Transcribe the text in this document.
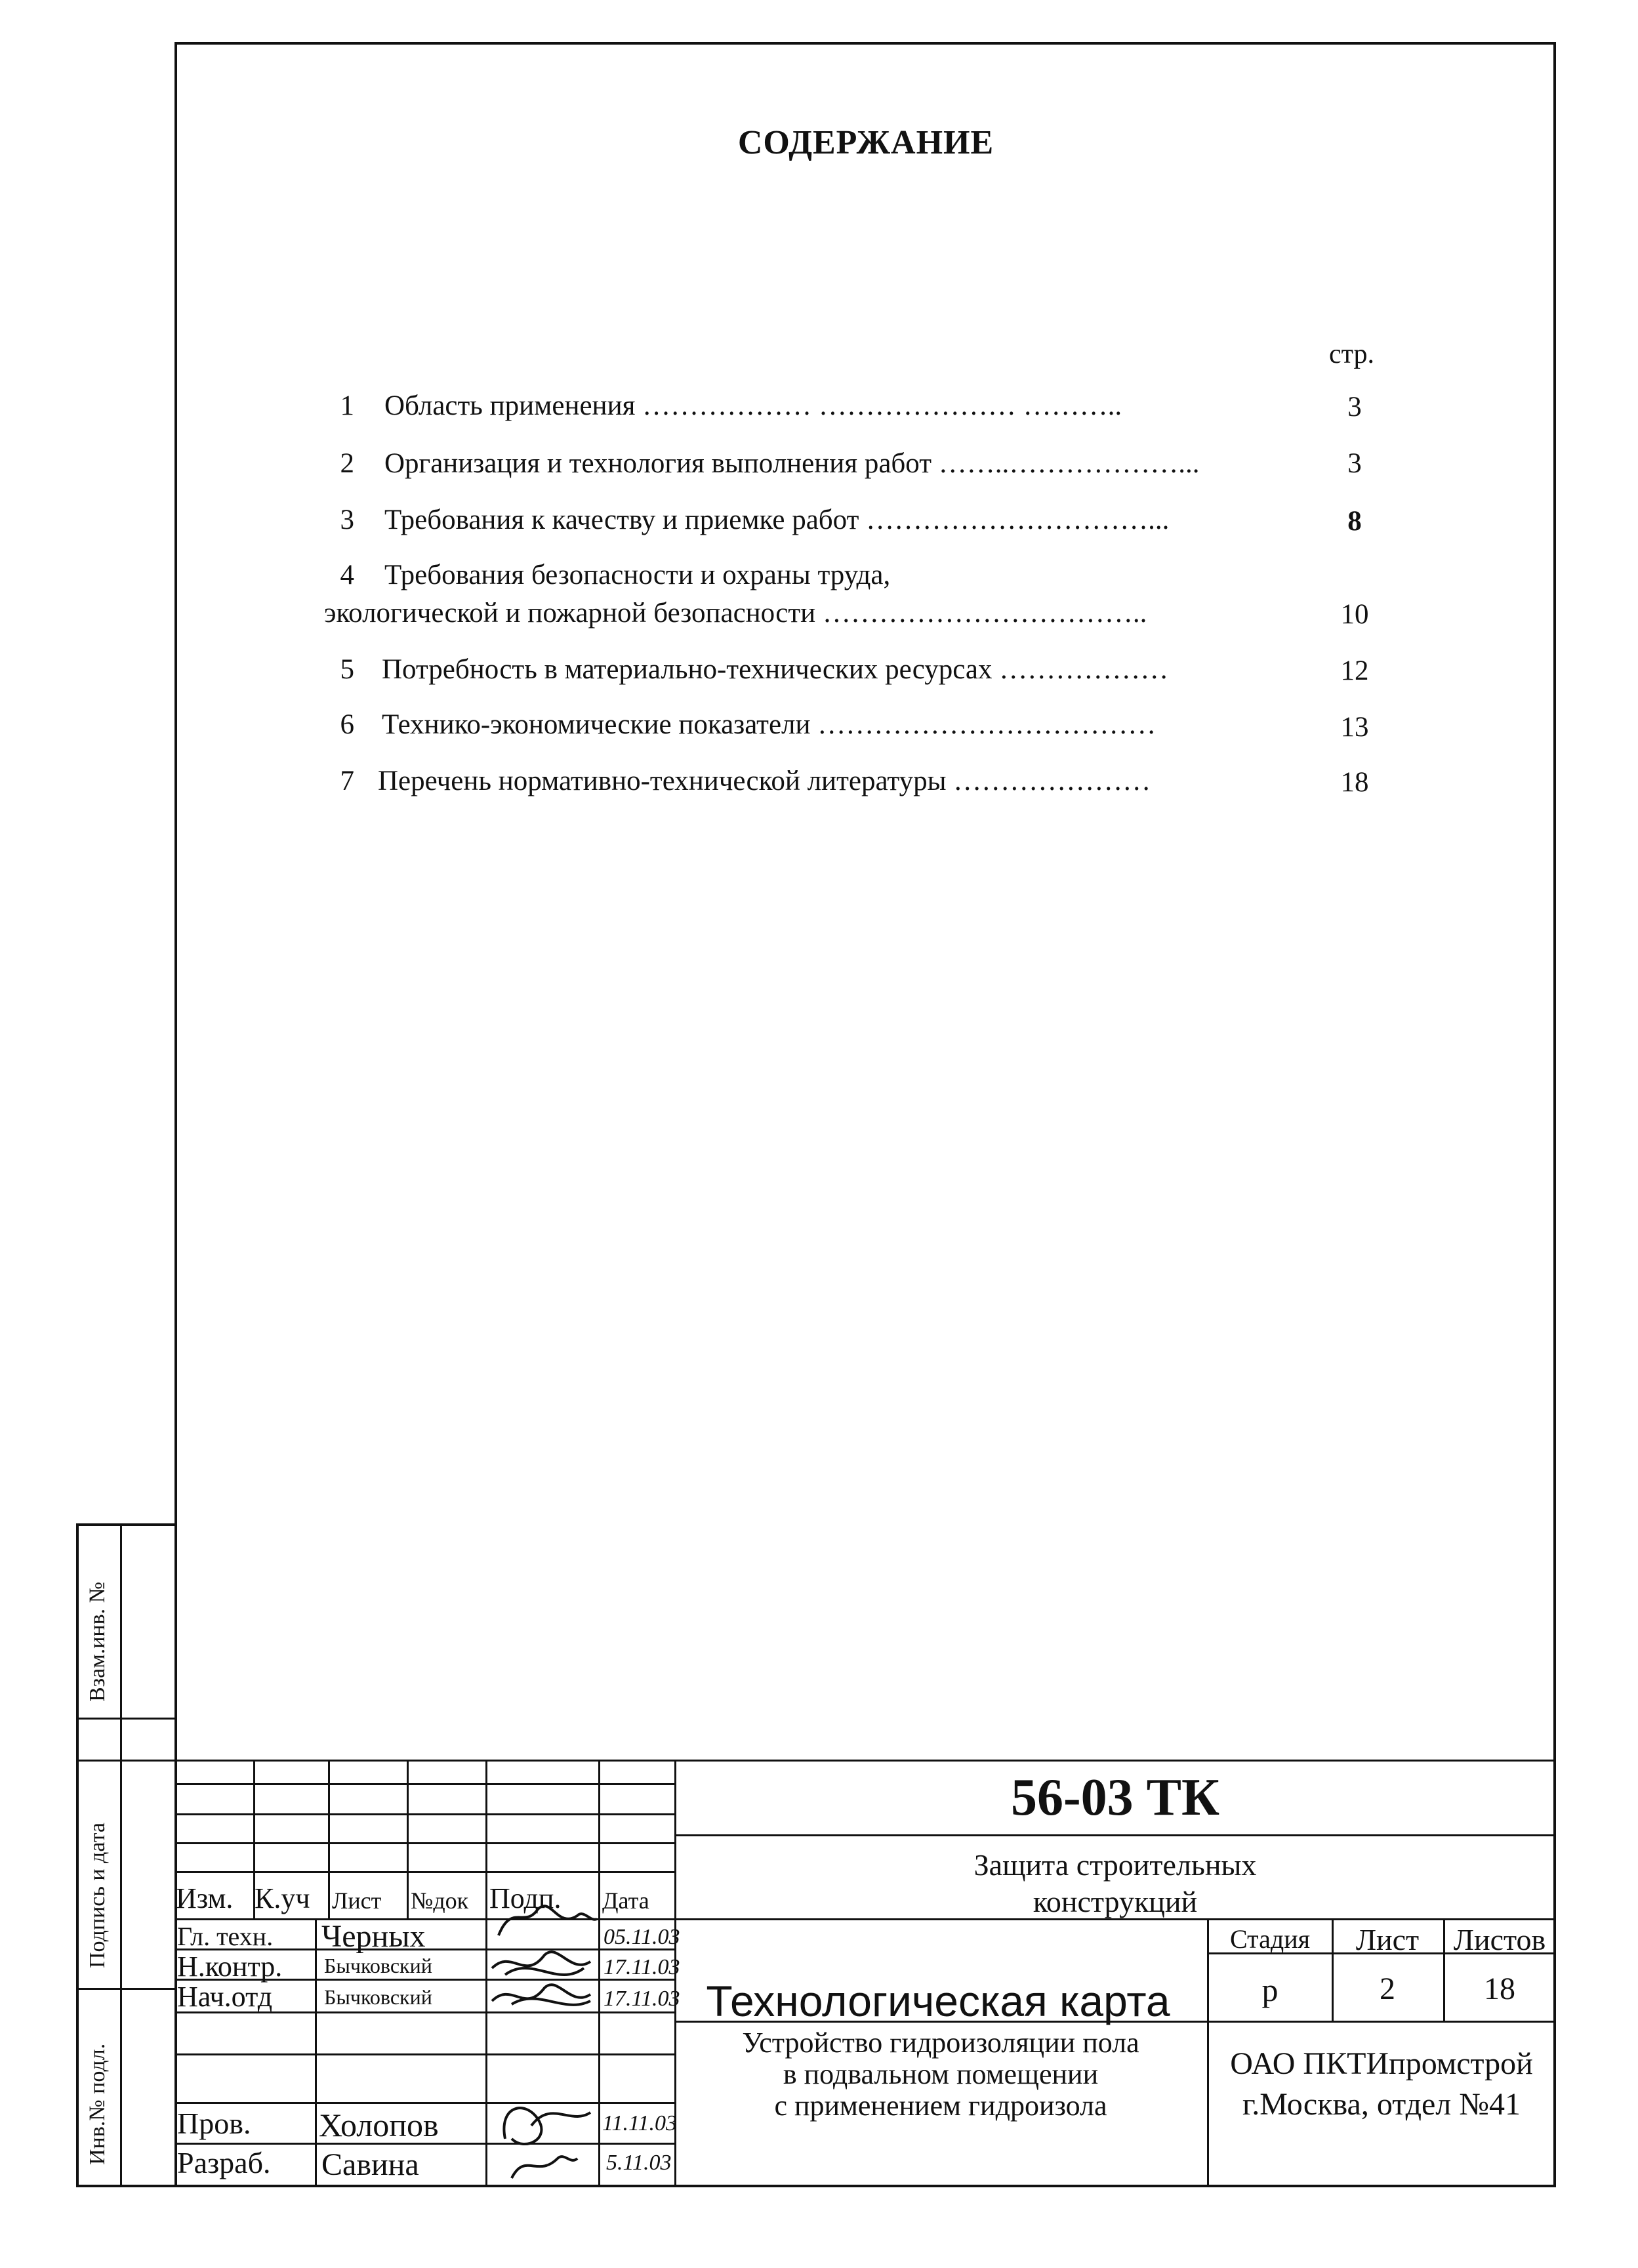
СОДЕРЖАНИЕ
стр.
1 Область применения ……………… ………………… ………..	3
2 Организация и технология выполнения работ ……..………………...	3
3 Требования к качеству и приемке работ …………………………...	8
4 Требования безопасности и охраны труда,
экологической и пожарной безопасности ……………………………..	10
5 Потребность в материально-технических ресурсах ………………	12
6 Технико-экономические показатели ………………………………	13
7 Перечень нормативно-технической литературы …………………	18
Взам.инв. №
Подпись и дата
Инв.№ подл.
56-03 ТК
Защита строительных
конструкций
Технологическая карта
Устройство гидроизоляции пола
в подвальном помещении
с применением гидроизола
ОАО ПКТИпромстрой
г.Москва, отдел №41
Стадия	Лист	Листов
р	2	18
Изм. К.уч Лист №док Подп. Дата
Гл. техн. Черных	05.11.03
Н.контр. Бычковский	17.11.03
Нач.отд Бычковский	17.11.03
Пров. Холопов	11.11.03
Разраб. Савина	5.11.03
